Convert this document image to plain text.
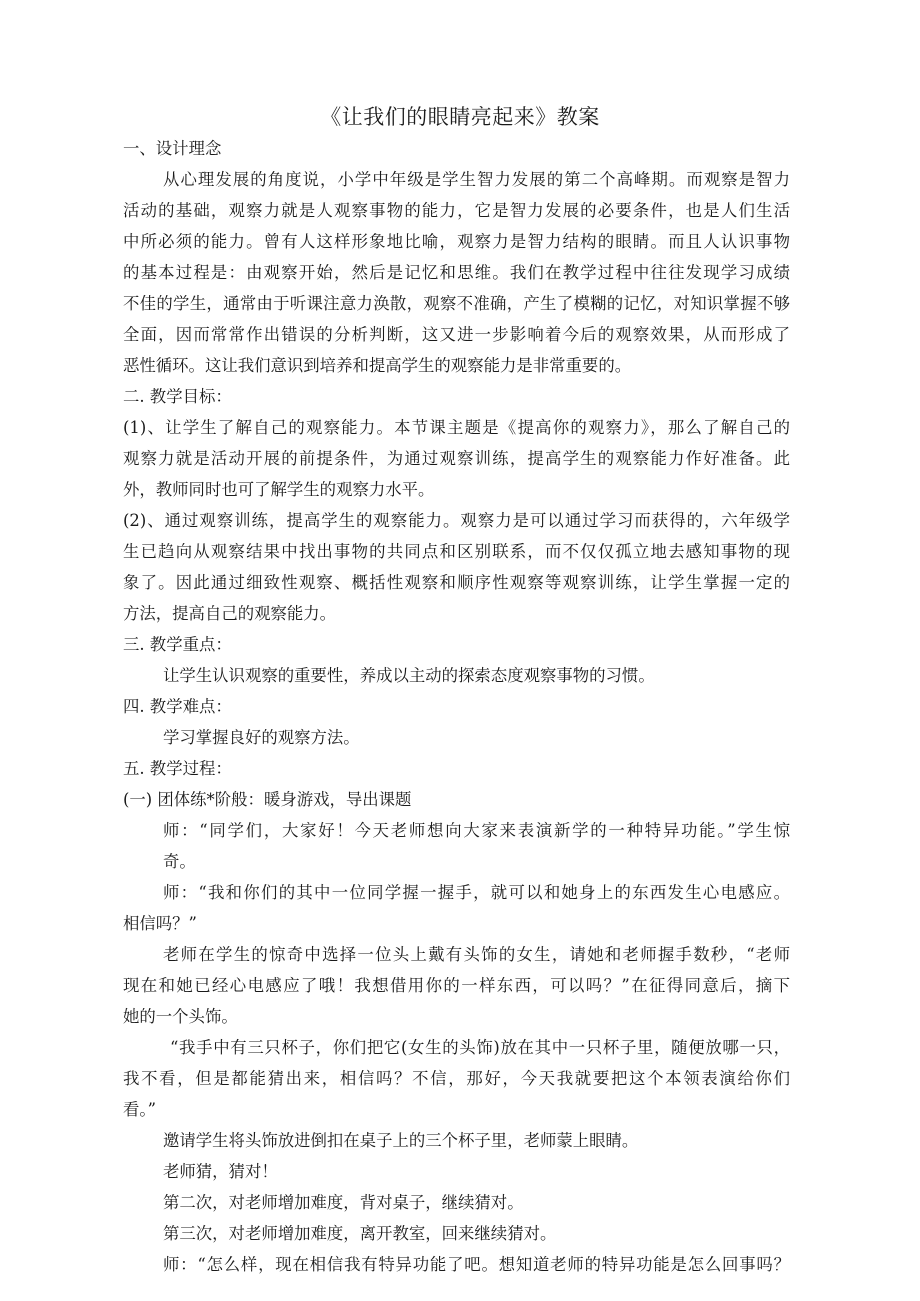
《让我们的眼睛亮起来》教案
一、设计理念
从心理发展的角度说，小学中年级是学生智力发展的第二个高峰期。而观察是智力
活动的基础，观察力就是人观察事物的能力，它是智力发展的必要条件，也是人们生活
中所必须的能力。曾有人这样形象地比喻，观察力是智力结构的眼睛。而且人认识事物
的基本过程是：由观察开始，然后是记忆和思维。我们在教学过程中往往发现学习成绩
不佳的学生，通常由于听课注意力涣散，观察不准确，产生了模糊的记忆，对知识掌握不够
全面，因而常常作出错误的分析判断，这又进一步影响着今后的观察效果，从而形成了
恶性循环。这让我们意识到培养和提高学生的观察能力是非常重要的。
二. 教学目标：
(1)、让学生了解自己的观察能力。本节课主题是《提高你的观察力》，那么了解自己的
观察力就是活动开展的前提条件，为通过观察训练，提高学生的观察能力作好准备。此
外，教师同时也可了解学生的观察力水平。
(2)、通过观察训练，提高学生的观察能力。观察力是可以通过学习而获得的，六年级学
生已趋向从观察结果中找出事物的共同点和区别联系，而不仅仅孤立地去感知事物的现
象了。因此通过细致性观察、概括性观察和顺序性观察等观察训练，让学生掌握一定的
方法，提高自己的观察能力。
三. 教学重点：
让学生认识观察的重要性，养成以主动的探索态度观察事物的习惯。
四. 教学难点：
学习掌握良好的观察方法。
五. 教学过程：
(一) 团体练*阶般：暖身游戏，导出课题
师：“同学们，大家好！今天老师想向大家来表演新学的一种特异功能。”学生惊
奇。
师：“我和你们的其中一位同学握一握手，就可以和她身上的东西发生心电感应。
相信吗？”
老师在学生的惊奇中选择一位头上戴有头饰的女生，请她和老师握手数秒，“老师
现在和她已经心电感应了哦！我想借用你的一样东西，可以吗？”在征得同意后，摘下
她的一个头饰。
“我手中有三只杯子，你们把它(女生的头饰)放在其中一只杯子里，随便放哪一只，
我不看，但是都能猜出来，相信吗？不信，那好，今天我就要把这个本领表演给你们
看。”
邀请学生将头饰放进倒扣在桌子上的三个杯子里，老师蒙上眼睛。
老师猜，猜对！
第二次，对老师增加难度，背对桌子，继续猜对。
第三次，对老师增加难度，离开教室，回来继续猜对。
师：“怎么样，现在相信我有特异功能了吧。想知道老师的特异功能是怎么回事吗？
